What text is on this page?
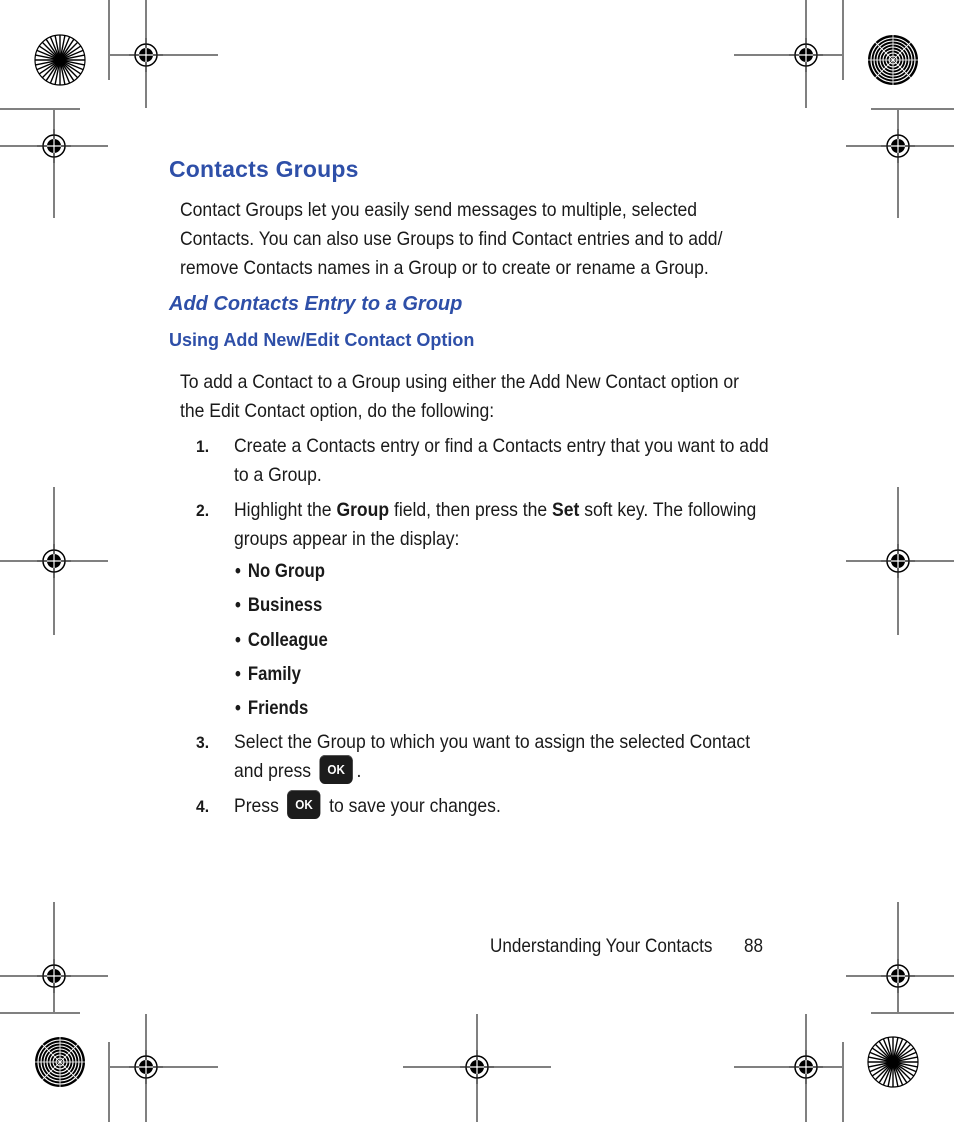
Contacts Groups
Contact Groups let you easily send messages to multiple, selected Contacts. You can also use Groups to find Contact entries and to add/ remove Contacts names in a Group or to create or rename a Group.
Add Contacts Entry to a Group
Using Add New/Edit Contact Option
To add a Contact to a Group using either the Add New Contact option or the Edit Contact option, do the following:
1. Create a Contacts entry or find a Contacts entry that you want to add to a Group.
2. Highlight the Group field, then press the Set soft key. The following groups appear in the display:
• No Group
• Business
• Colleague
• Family
• Friends
3. Select the Group to which you want to assign the selected Contact and press OK .
4. Press OK to save your changes.
Understanding Your Contacts 88
